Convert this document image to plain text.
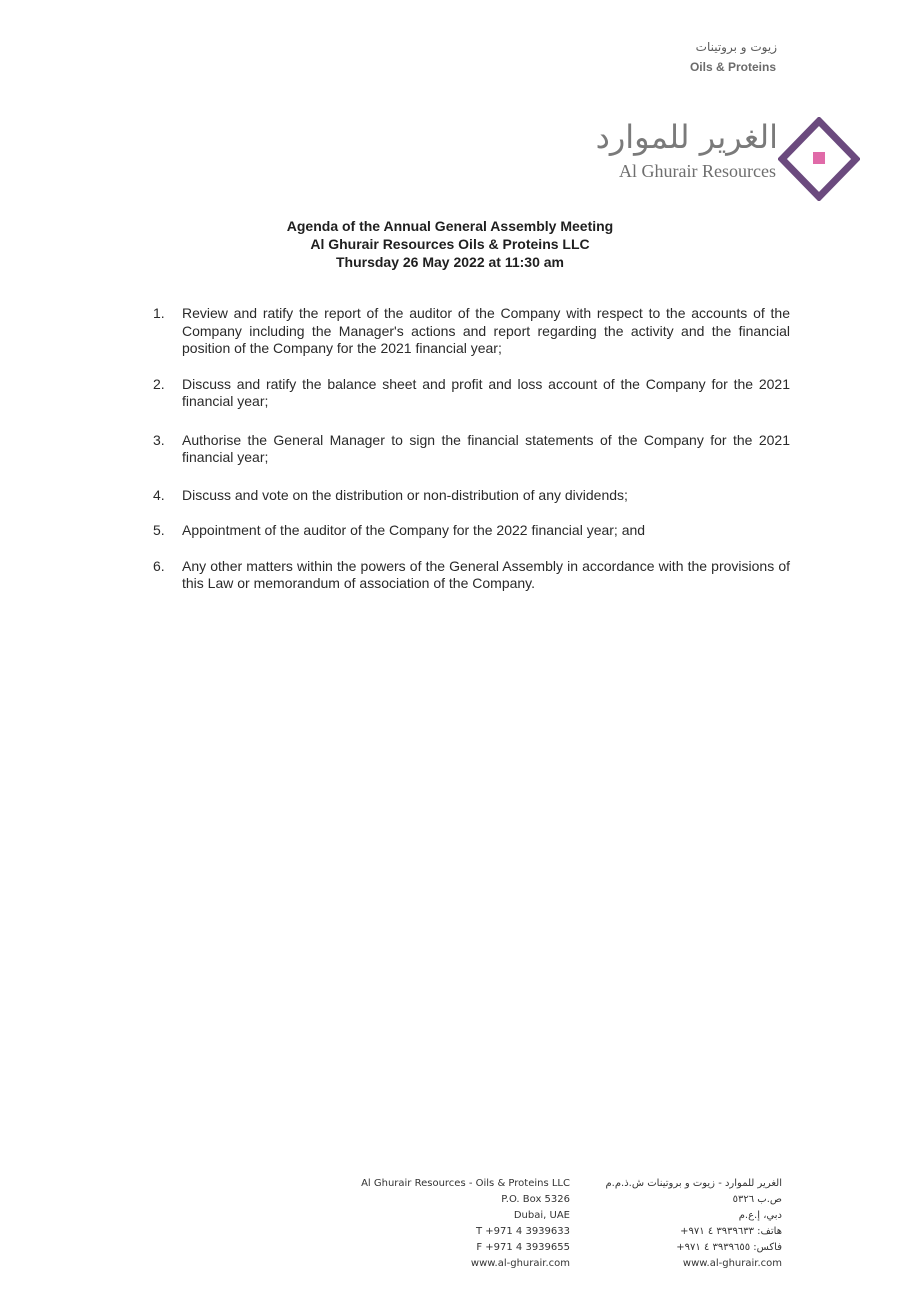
زيوت و بروتينات
Oils & Proteins
الغرير للموارد
Al Ghurair Resources
Agenda of the Annual General Assembly Meeting
Al Ghurair Resources Oils & Proteins LLC
Thursday 26 May 2022 at 11:30 am
1. Review and ratify the report of the auditor of the Company with respect to the accounts of the Company including the Manager's actions and report regarding the activity and the financial position of the Company for the 2021 financial year;
2. Discuss and ratify the balance sheet and profit and loss account of the Company for the 2021 financial year;
3. Authorise the General Manager to sign the financial statements of the Company for the 2021 financial year;
4. Discuss and vote on the distribution or non-distribution of any dividends;
5. Appointment of the auditor of the Company for the 2022 financial year; and
6. Any other matters within the powers of the General Assembly in accordance with the provisions of this Law or memorandum of association of the Company.
Al Ghurair Resources - Oils & Proteins LLC
P.O. Box 5326
Dubai, UAE
T +971 4 3939633
F +971 4 3939655
www.al-ghurair.com
الغرير للموارد - زيوت و بروتينات ش.ذ.م.م
ص.ب ٥٣٢٦
دبي، إ.ع.م
هاتف: ٣٩٣٩٦٣٣ ٤ ٩٧١+
فاكس: ٣٩٣٩٦٥٥ ٤ ٩٧١+
www.al-ghurair.com
